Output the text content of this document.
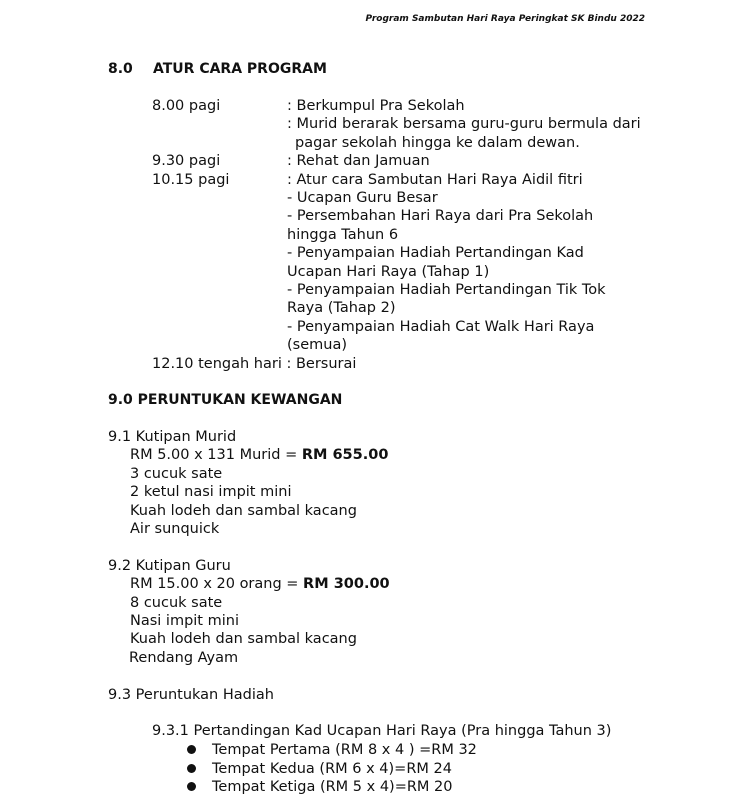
Program Sambutan Hari Raya Peringkat SK Bindu 2022
8.0 ATUR CARA PROGRAM
8.00 pagi	: Berkumpul Pra Sekolah
: Murid berarak bersama guru-guru bermula dari
pagar sekolah hingga ke dalam dewan.
9.30 pagi	: Rehat dan Jamuan
10.15 pagi	: Atur cara Sambutan Hari Raya Aidil fitri
- Ucapan Guru Besar
- Persembahan Hari Raya dari Pra Sekolah
hingga Tahun 6
- Penyampaian Hadiah Pertandingan Kad
Ucapan Hari Raya (Tahap 1)
- Penyampaian Hadiah Pertandingan Tik Tok
Raya (Tahap 2)
- Penyampaian Hadiah Cat Walk Hari Raya
(semua)
12.10 tengah hari : Bersurai
9.0 PERUNTUKAN KEWANGAN
9.1 Kutipan Murid
RM 5.00 x 131 Murid = RM 655.00
3 cucuk sate
2 ketul nasi impit mini
Kuah lodeh dan sambal kacang
Air sunquick
9.2 Kutipan Guru
RM 15.00 x 20 orang = RM 300.00
8 cucuk sate
Nasi impit mini
Kuah lodeh dan sambal kacang
Rendang Ayam
9.3 Peruntukan Hadiah
9.3.1 Pertandingan Kad Ucapan Hari Raya (Pra hingga Tahun 3)
Tempat Pertama (RM 8 x 4 ) =RM 32
Tempat Kedua (RM 6 x 4)=RM 24
Tempat Ketiga (RM 5 x 4)=RM 20
